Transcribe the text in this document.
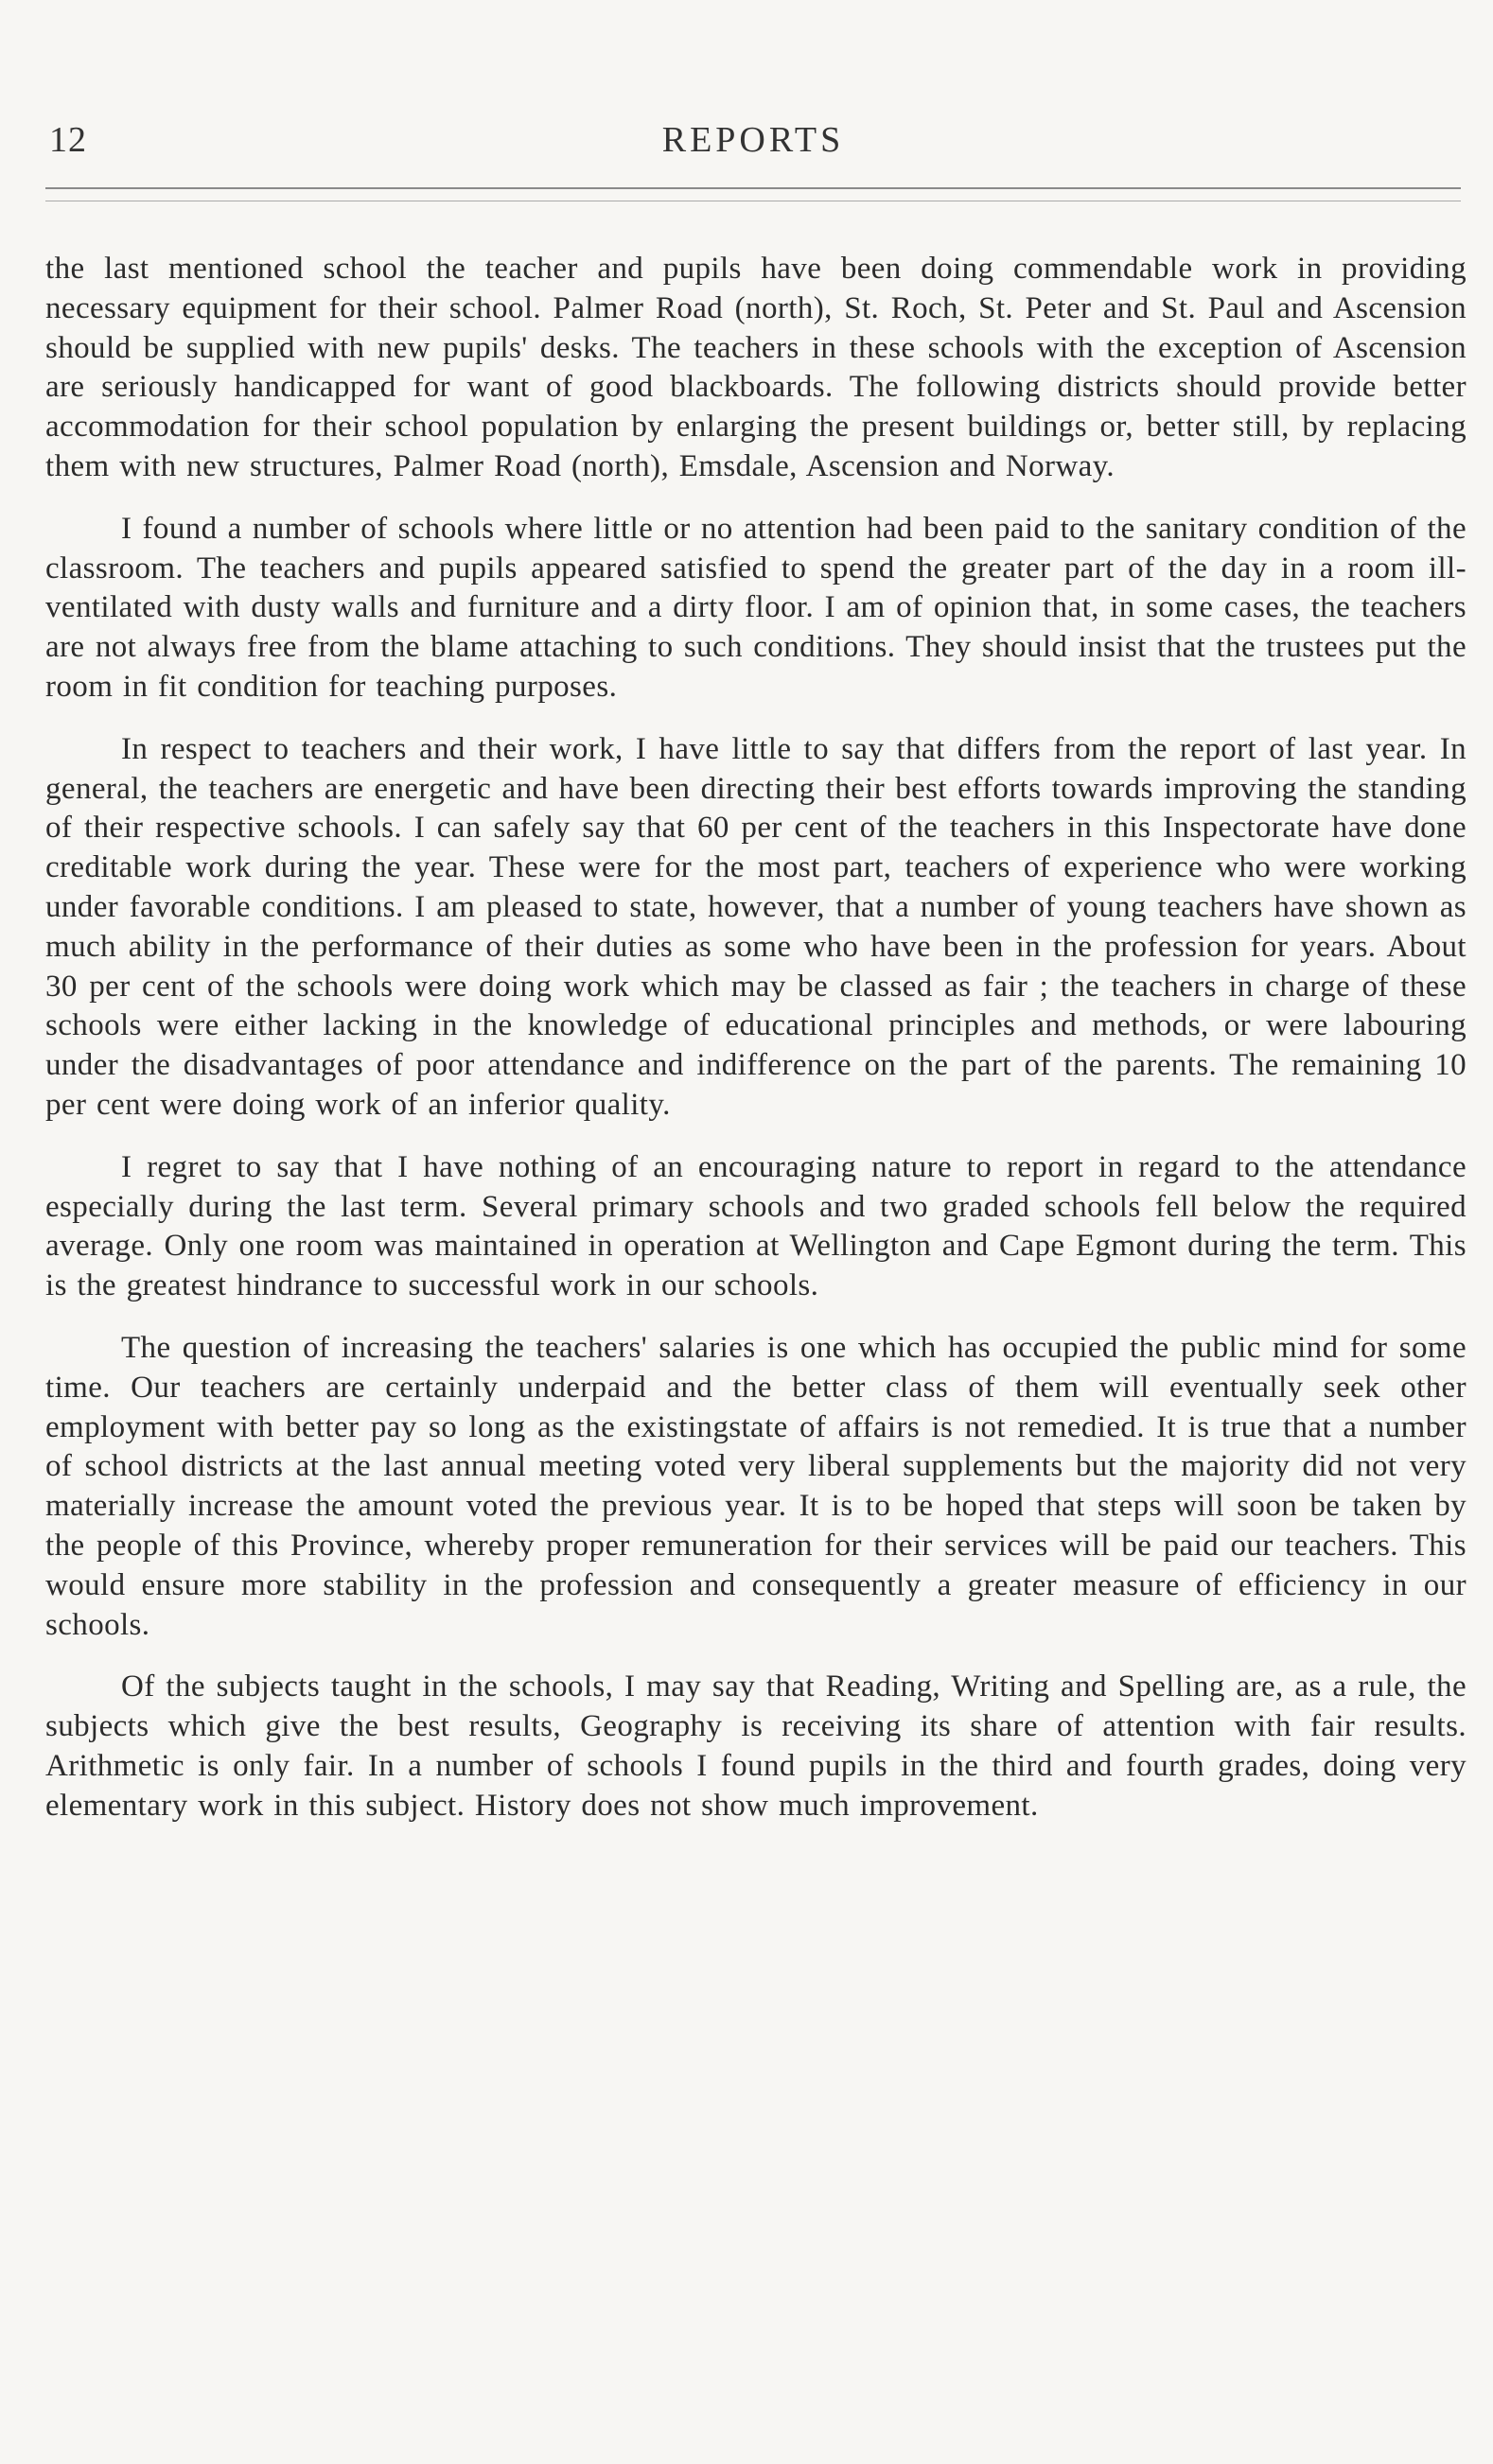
12	REPORTS

the last mentioned school the teacher and pupils have been doing commendable work in providing necessary equipment for their school. Palmer Road (north), St. Roch, St. Peter and St. Paul and Ascension should be supplied with new pupils' desks. The teachers in these schools with the exception of Ascension are seriously handicapped for want of good blackboards. The following districts should provide better accommodation for their school population by enlarging the present buildings or, better still, by replacing them with new structures, Palmer Road (north), Emsdale, Ascension and Norway.

I found a number of schools where little or no attention had been paid to the sanitary condition of the classroom. The teachers and pupils appeared satisfied to spend the greater part of the day in a room ill-ventilated with dusty walls and furniture and a dirty floor. I am of opinion that, in some cases, the teachers are not always free from the blame attaching to such conditions. They should insist that the trustees put the room in fit condition for teaching purposes.

In respect to teachers and their work, I have little to say that differs from the report of last year. In general, the teachers are energetic and have been directing their best efforts towards improving the standing of their respective schools. I can safely say that 60 per cent of the teachers in this Inspectorate have done creditable work during the year. These were for the most part, teachers of experience who were working under favorable conditions. I am pleased to state, however, that a number of young teachers have shown as much ability in the performance of their duties as some who have been in the profession for years. About 30 per cent of the schools were doing work which may be classed as fair ; the teachers in charge of these schools were either lacking in the knowledge of educational principles and methods, or were labouring under the disadvantages of poor attendance and indifference on the part of the parents. The remaining 10 per cent were doing work of an inferior quality.

I regret to say that I have nothing of an encouraging nature to report in regard to the attendance especially during the last term. Several primary schools and two graded schools fell below the required average. Only one room was maintained in operation at Wellington and Cape Egmont during the term. This is the greatest hindrance to successful work in our schools.

The question of increasing the teachers' salaries is one which has occupied the public mind for some time. Our teachers are certainly underpaid and the better class of them will eventually seek other employment with better pay so long as the existingstate of affairs is not remedied. It is true that a number of school districts at the last annual meeting voted very liberal supplements but the majority did not very materially increase the amount voted the previous year. It is to be hoped that steps will soon be taken by the people of this Province, whereby proper remuneration for their services will be paid our teachers. This would ensure more stability in the profession and consequently a greater measure of efficiency in our schools.

Of the subjects taught in the schools, I may say that Reading, Writing and Spelling are, as a rule, the subjects which give the best results, Geography is receiving its share of attention with fair results. Arithmetic is only fair. In a number of schools I found pupils in the third and fourth grades, doing very elementary work in this subject. History does not show much improvement.
